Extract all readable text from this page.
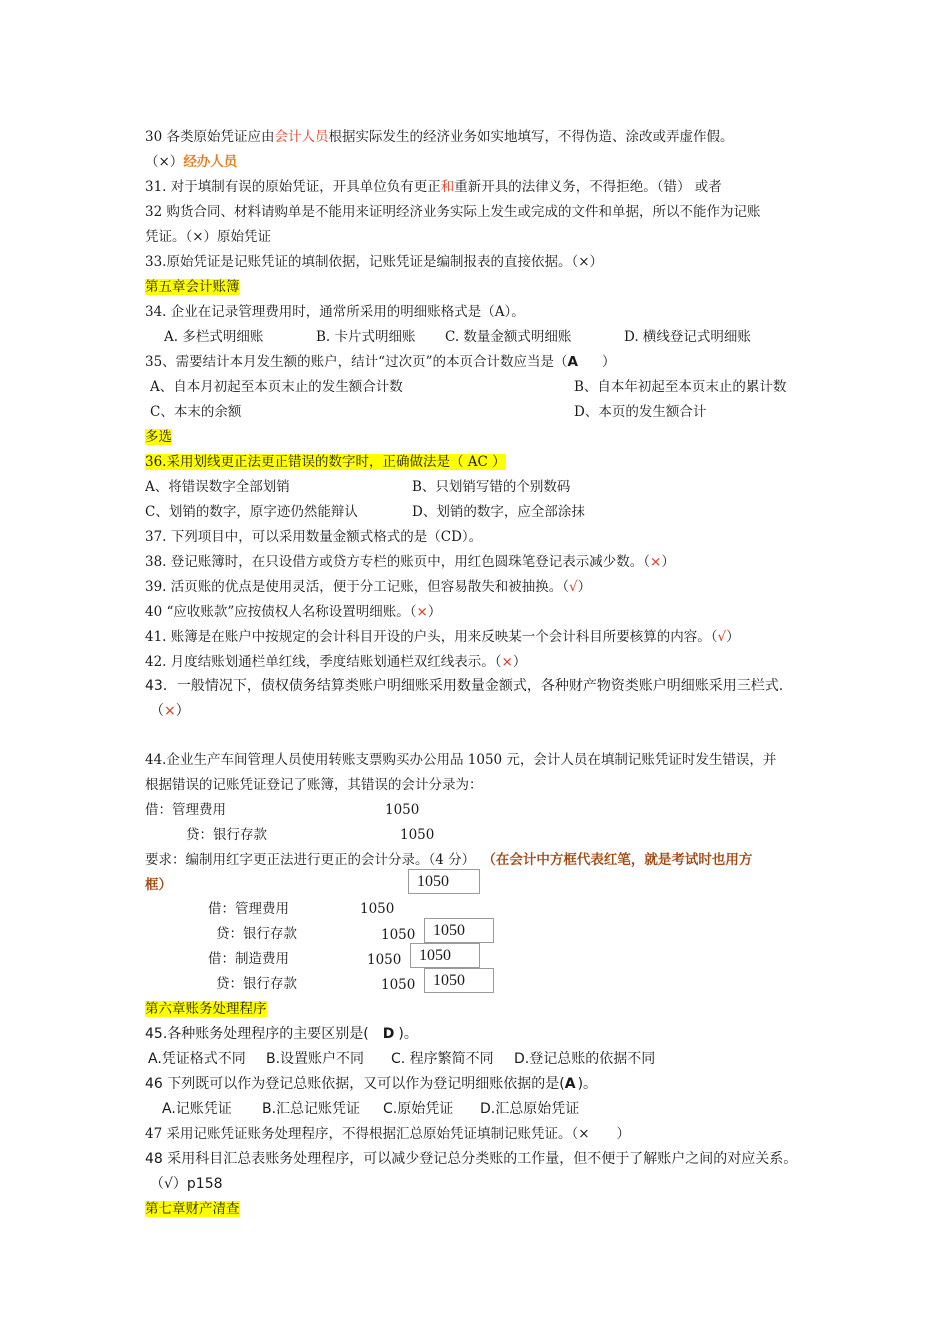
30 各类原始凭证应由会计人员根据实际发生的经济业务如实地填写，不得伪造、涂改或弄虚作假。
（×）经办人员
31. 对于填制有误的原始凭证，开具单位负有更正和重新开具的法律义务，不得拒绝。（错） 或者
32 购货合同、材料请购单是不能用来证明经济业务实际上发生或完成的文件和单据，所以不能作为记账
凭证。（×）原始凭证
33.原始凭证是记账凭证的填制依据，记账凭证是编制报表的直接依据。（×）
第五章会计账簿
34. 企业在记录管理费用时，通常所采用的明细账格式是（A）。
A. 多栏式明细账	B. 卡片式明细账 C. 数量金额式明细账	D. 横线登记式明细账
35、需要结计本月发生额的账户，结计“过次页”的本页合计数应当是（A ）
A、自本月初起至本页末止的发生额合计数	B、自本年初起至本页末止的累计数
C、本末的余额	D、本页的发生额合计
多选
36.采用划线更正法更正错误的数字时，正确做法是（ AC ）
A、将错误数字全部划销	B、只划销写错的个别数码
C、划销的数字，原字迹仍然能辩认	D、划销的数字，应全部涂抹
37. 下列项目中，可以采用数量金额式格式的是（CD）。
38. 登记账簿时，在只设借方或贷方专栏的账页中，用红色圆珠笔登记表示减少数。（×）
39. 活页账的优点是使用灵活，便于分工记账，但容易散失和被抽换。（√）
40 “应收账款”应按债权人名称设置明细账。（×）
41. 账簿是在账户中按规定的会计科目开设的户头，用来反映某一个会计科目所要核算的内容。（√）
42. 月度结账划通栏单红线，季度结账划通栏双红线表示。（×）
43．一般情况下，债权债务结算类账户明细账采用数量金额式，各种财产物资类账户明细账采用三栏式.
（×）
44.企业生产车间管理人员使用转账支票购买办公用品 1050 元，会计人员在填制记账凭证时发生错误，并
根据错误的记账凭证登记了账簿，其错误的会计分录为：
借：管理费用	1050
贷：银行存款	1050
要求：编制用红字更正法进行更正的会计分录。（4 分） （在会计中方框代表红笔，就是考试时也用方
框）	1050
借：管理费用	1050
贷：银行存款	1050	1050
借：制造费用	1050	1050
贷：银行存款	1050	1050
第六章账务处理程序
45.各种账务处理程序的主要区别是( D )。
A.凭证格式不同 B.设置账户不同 C. 程序繁简不同 D.登记总账的依据不同
46 下列既可以作为登记总账依据，又可以作为登记明细账依据的是(A )。
A.记账凭证 B.汇总记账凭证 C.原始凭证 D.汇总原始凭证
47 采用记账凭证账务处理程序，不得根据汇总原始凭证填制记账凭证。（×　　）
48 采用科目汇总表账务处理程序，可以减少登记总分类账的工作量，但不便于了解账户之间的对应关系。
（√）p158
第七章财产清查
